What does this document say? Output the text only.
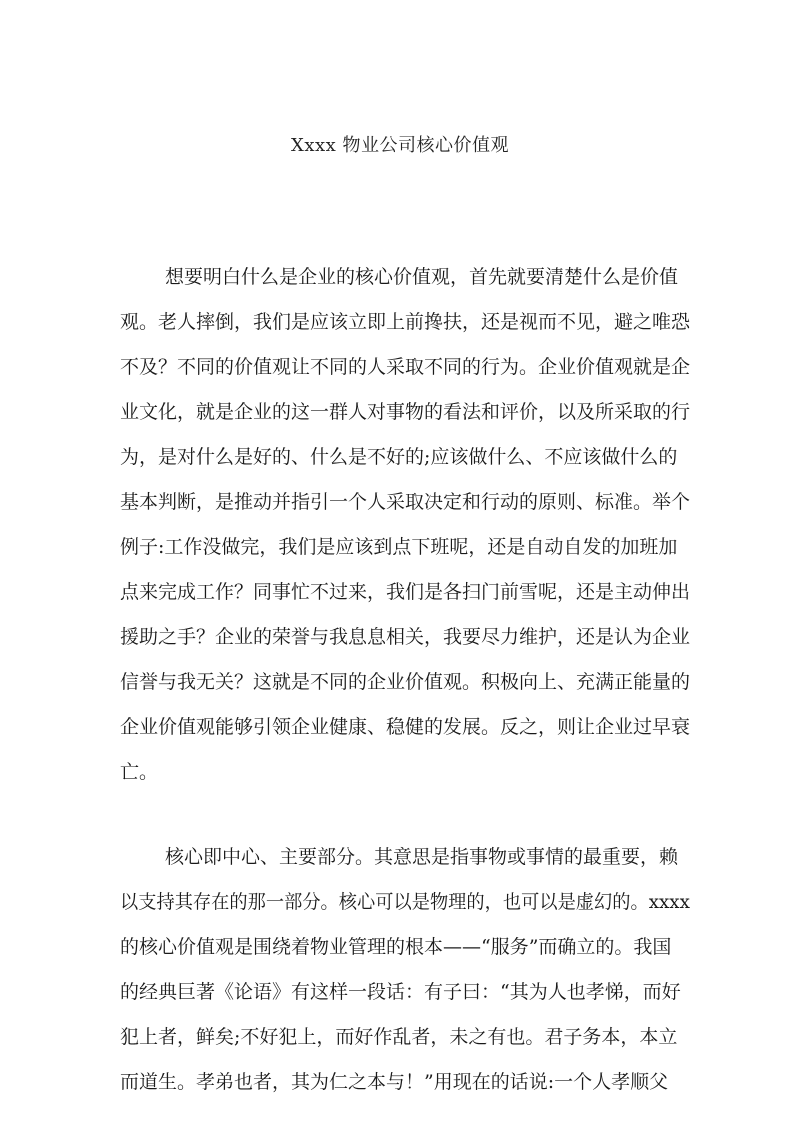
Xxxx 物业公司核心价值观
想要明白什么是企业的核心价值观，首先就要清楚什么是价值
观。老人摔倒，我们是应该立即上前搀扶，还是视而不见，避之唯恐
不及？不同的价值观让不同的人采取不同的行为。企业价值观就是企
业文化，就是企业的这一群人对事物的看法和评价，以及所采取的行
为，是对什么是好的、什么是不好的;应该做什么、不应该做什么的
基本判断，是推动并指引一个人采取决定和行动的原则、标准。举个
例子:工作没做完，我们是应该到点下班呢，还是自动自发的加班加
点来完成工作？同事忙不过来，我们是各扫门前雪呢，还是主动伸出
援助之手？企业的荣誉与我息息相关，我要尽力维护，还是认为企业
信誉与我无关？这就是不同的企业价值观。积极向上、充满正能量的
企业价值观能够引领企业健康、稳健的发展。反之，则让企业过早衰
亡。
核心即中心、主要部分。其意思是指事物或事情的最重要，赖
以支持其存在的那一部分。核心可以是物理的，也可以是虚幻的。xxxx
的核心价值观是围绕着物业管理的根本——“服务”而确立的。我国
的经典巨著《论语》有这样一段话：有子曰：“其为人也孝悌，而好
犯上者，鲜矣;不好犯上，而好作乱者，未之有也。君子务本，本立
而道生。孝弟也者，其为仁之本与！”用现在的话说:一个人孝顺父
